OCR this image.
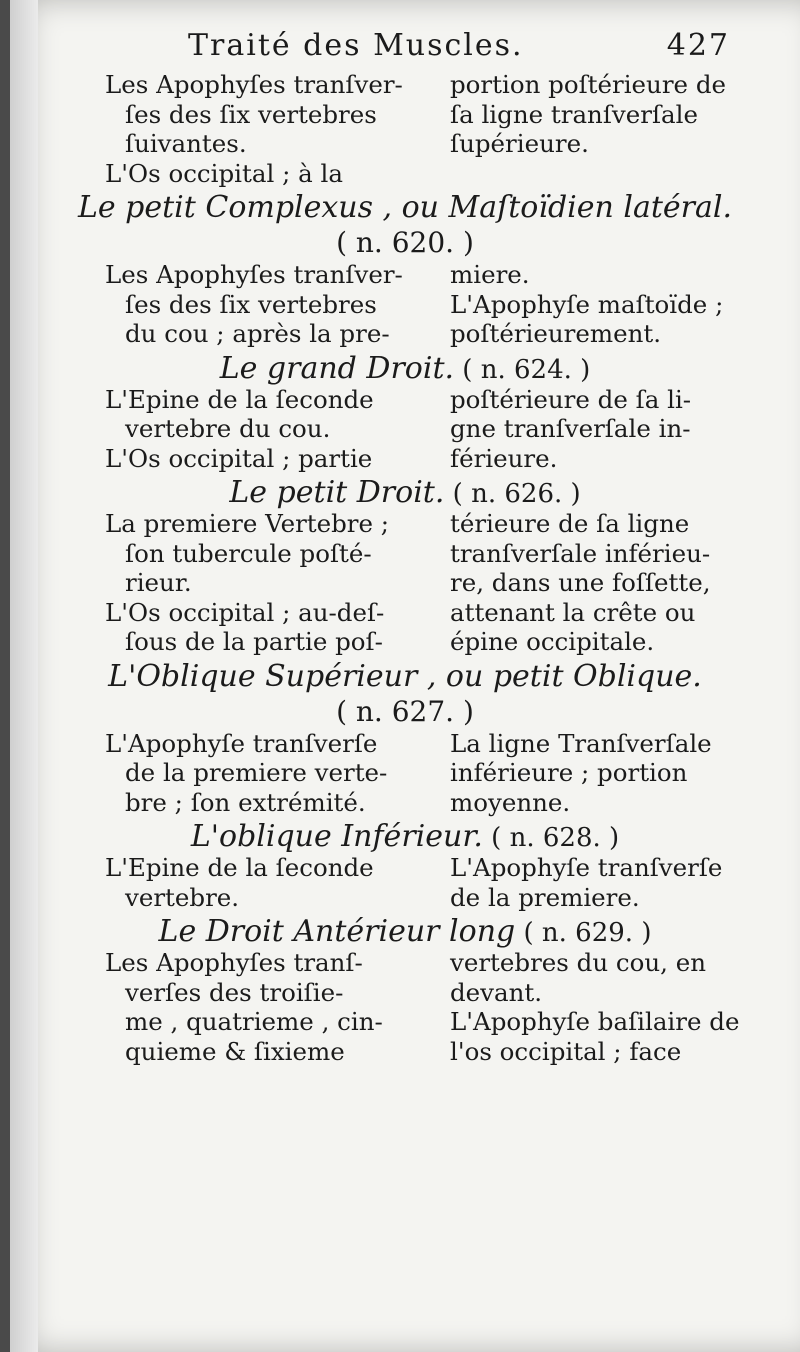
Traité des Muscles.	427
Les Apophyſes tranſver-
ſes des ſix vertebres
ſuivantes.
L'Os occipital ; à la
portion poſtérieure de
ſa ligne tranſverſale
ſupérieure.
Le petit Complexus , ou Maſtoïdien latéral.
( n. 620. )
Les Apophyſes tranſver-
ſes des ſix vertebres
du cou ; après la pre-
miere.
L'Apophyſe maſtoïde ;
poſtérieurement.
Le grand Droit. ( n. 624. )
L'Epine de la ſeconde
vertebre du cou.
L'Os occipital ; partie
poſtérieure de ſa li-
gne tranſverſale in-
férieure.
Le petit Droit. ( n. 626. )
La premiere Vertebre ;
ſon tubercule poſté-
rieur.
L'Os occipital ; au-deſ-
ſous de la partie poſ-
térieure de ſa ligne
tranſverſale inférieu-
re, dans une foſſette,
attenant la crête ou
épine occipitale.
L'Oblique Supérieur , ou petit Oblique.
( n. 627. )
L'Apophyſe tranſverſe
de la premiere verte-
bre ; ſon extrémité.
La ligne Tranſverſale
inférieure ; portion
moyenne.
L'oblique Inférieur. ( n. 628. )
L'Epine de la ſeconde
vertebre.
L'Apophyſe tranſverſe
de la premiere.
Le Droit Antérieur long ( n. 629. )
Les Apophyſes tranſ-
verſes des troiſie-
me , quatrieme , cin-
quieme & ſixieme
vertebres du cou, en
devant.
L'Apophyſe baſilaire de
l'os occipital ; face
